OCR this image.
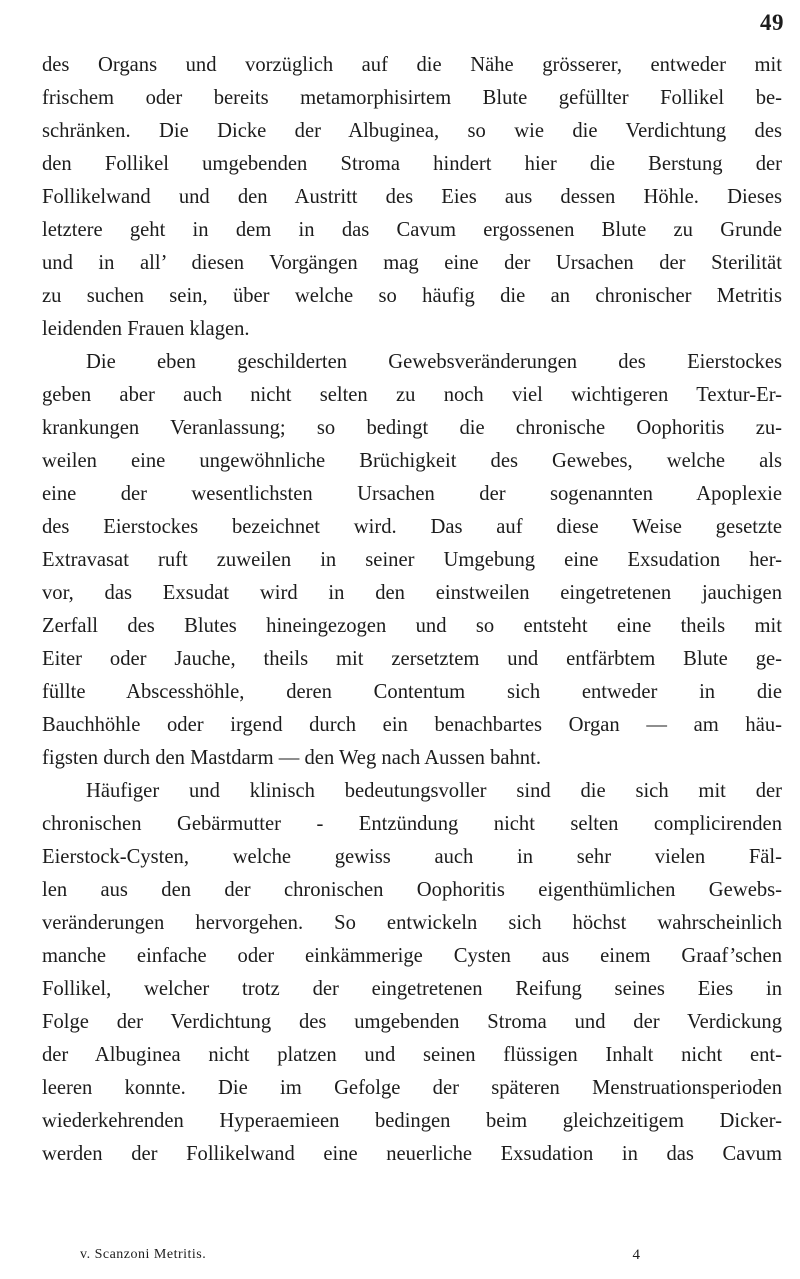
49
des Organs und vorzüglich auf die Nähe grösserer, entweder mit
frischem oder bereits metamorphisirtem Blute gefüllter Follikel be-
schränken. Die Dicke der Albuginea, so wie die Verdichtung des
den Follikel umgebenden Stroma hindert hier die Berstung der
Follikelwand und den Austritt des Eies aus dessen Höhle. Dieses
letztere geht in dem in das Cavum ergossenen Blute zu Grunde
und in all’ diesen Vorgängen mag eine der Ursachen der Sterilität
zu suchen sein, über welche so häufig die an chronischer Metritis
leidenden Frauen klagen.
Die eben geschilderten Gewebsveränderungen des Eierstockes
geben aber auch nicht selten zu noch viel wichtigeren Textur-Er-
krankungen Veranlassung; so bedingt die chronische Oophoritis zu-
weilen eine ungewöhnliche Brüchigkeit des Gewebes, welche als
eine der wesentlichsten Ursachen der sogenannten Apoplexie
des Eierstockes bezeichnet wird. Das auf diese Weise gesetzte
Extravasat ruft zuweilen in seiner Umgebung eine Exsudation her-
vor, das Exsudat wird in den einstweilen eingetretenen jauchigen
Zerfall des Blutes hineingezogen und so entsteht eine theils mit
Eiter oder Jauche, theils mit zersetztem und entfärbtem Blute ge-
füllte Abscesshöhle, deren Contentum sich entweder in die
Bauchhöhle oder irgend durch ein benachbartes Organ — am häu-
figsten durch den Mastdarm — den Weg nach Aussen bahnt.
Häufiger und klinisch bedeutungsvoller sind die sich mit der
chronischen Gebärmutter - Entzündung nicht selten complicirenden
Eierstock-Cysten, welche gewiss auch in sehr vielen Fäl-
len aus den der chronischen Oophoritis eigenthümlichen Gewebs-
veränderungen hervorgehen. So entwickeln sich höchst wahrscheinlich
manche einfache oder einkämmerige Cysten aus einem Graaf’schen
Follikel, welcher trotz der eingetretenen Reifung seines Eies in
Folge der Verdichtung des umgebenden Stroma und der Verdickung
der Albuginea nicht platzen und seinen flüssigen Inhalt nicht ent-
leeren konnte. Die im Gefolge der späteren Menstruationsperioden
wiederkehrenden Hyperaemieen bedingen beim gleichzeitigem Dicker-
werden der Follikelwand eine neuerliche Exsudation in das Cavum
v. Scanzoni Metritis.	4
